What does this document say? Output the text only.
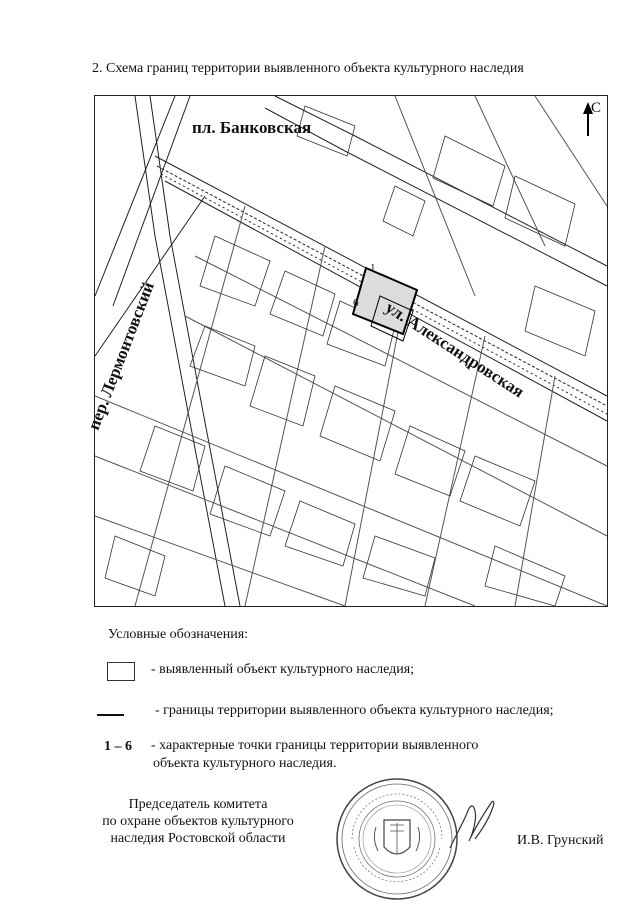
2. Схема границ территории выявленного объекта культурного наследия
пл. Банковская
пер. Лермонтовский	ул. Александровская
С
1
6
Условные обозначения:
- выявленный объект культурного наследия;
- границы территории выявленного объекта культурного наследия;
1 – 6 - характерные точки границы территории выявленного
объекта культурного наследия.
Председатель комитета
по охране объектов культурного
наследия Ростовской области	И.В. Грунский
